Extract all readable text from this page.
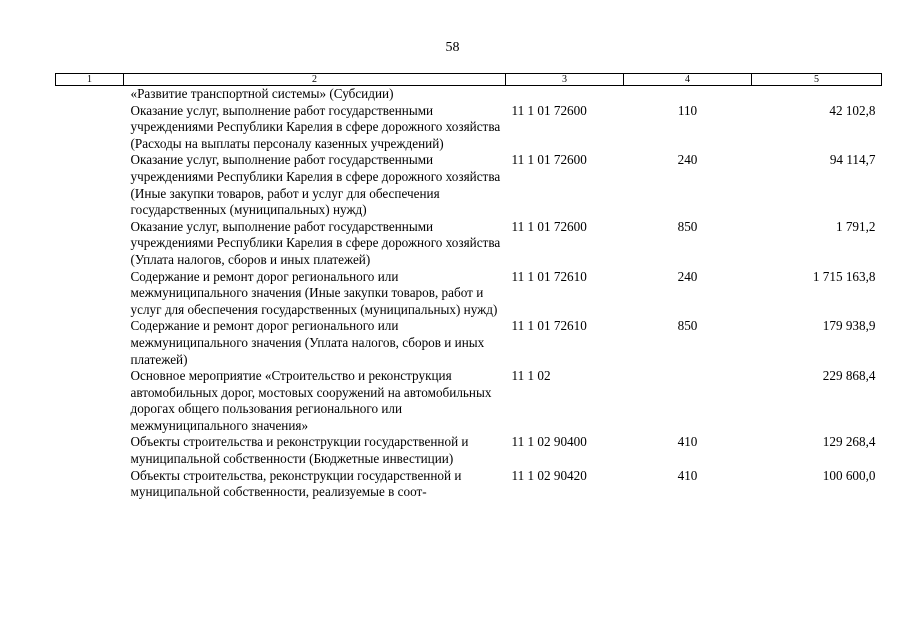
58
1	2	3	4	5
	«Развитие транспортной системы» (Субсидии)			
	Оказание услуг, выполнение работ государственными учреждениями Республики Карелия в сфере дорожного хозяйства (Расходы на выплаты персоналу казенных учреждений)	11 1 01 72600	110	42 102,8
	Оказание услуг, выполнение работ государственными учреждениями Республики Карелия в сфере дорожного хозяйства (Иные закупки товаров, работ и услуг для обеспечения государственных (муниципальных) нужд)	11 1 01 72600	240	94 114,7
	Оказание услуг, выполнение работ государственными учреждениями Республики Карелия в сфере дорожного хозяйства (Уплата налогов, сборов и иных платежей)	11 1 01 72600	850	1 791,2
	Содержание и ремонт дорог регионального или межмуниципального значения (Иные закупки товаров, работ и услуг для обеспечения государственных (муниципальных) нужд)	11 1 01 72610	240	1 715 163,8
	Содержание и ремонт дорог регионального или межмуниципального значения (Уплата налогов, сборов и иных платежей)	11 1 01 72610	850	179 938,9
	Основное мероприятие «Строительство и реконструкция автомобильных дорог, мостовых сооружений на автомобильных дорогах общего пользования регионального или межмуниципального значения»	11 1 02		229 868,4
	Объекты строительства и реконструкции государственной и муниципальной собственности (Бюджетные инвестиции)	11 1 02 90400	410	129 268,4
	Объекты строительства, реконструкции государственной и муниципальной собственности, реализуемые в соот-	11 1 02 90420	410	100 600,0
